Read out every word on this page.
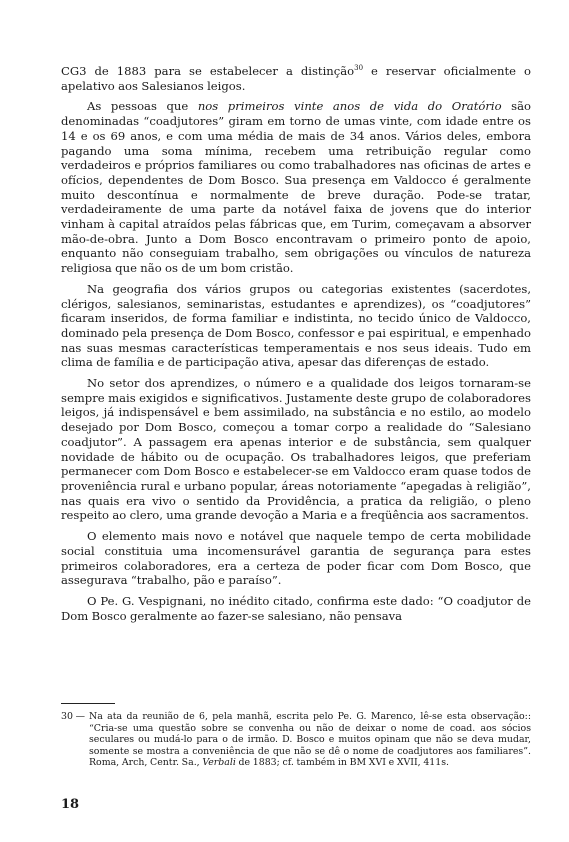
CG3 de 1883 para se estabelecer a distinção$^{30}$ e reservar oficialmente o apelativo aos Salesianos leigos.

As pessoas que nos primeiros vinte anos de vida do Oratório são denominadas “coadjutores” giram em torno de umas vinte, com idade entre os 14 e os 69 anos, e com uma média de mais de 34 anos. Vários deles, embora pagando uma soma mínima, recebem uma retribuição regular como verdadeiros e próprios familiares ou como trabalhadores nas oficinas de artes e ofícios, dependentes de Dom Bosco. Sua presença em Valdocco é geralmente muito descontínua e normalmente de breve duração. Pode-se tratar, verdadeiramente de uma parte da notável faixa de jovens que do interior vinham à capital atraídos pelas fábricas que, em Turim, começavam a absorver mão-de-obra. Junto a Dom Bosco encontravam o primeiro ponto de apoio, enquanto não conseguiam trabalho, sem obrigações ou vínculos de natureza religiosa que não os de um bom cristão.

Na geografia dos vários grupos ou categorias existentes (sacerdotes, clérigos, salesianos, seminaristas, estudantes e aprendizes), os “coadjutores” ficaram inseridos, de forma familiar e indistinta, no tecido único de Valdocco, dominado pela presença de Dom Bosco, confessor e pai espiritual, e empenhado nas suas mesmas características temperamentais e nos seus ideais. Tudo em clima de família e de participação ativa, apesar das diferenças de estado.

No setor dos aprendizes, o número e a qualidade dos leigos tornaram-se sempre mais exigidos e significativos. Justamente deste grupo de colaboradores leigos, já indispensável e bem assimilado, na substância e no estilo, ao modelo desejado por Dom Bosco, começou a tomar corpo a realidade do “Salesiano coadjutor”. A passagem era apenas interior e de substância, sem qualquer novidade de hábito ou de ocupação. Os trabalhadores leigos, que preferiam permanecer com Dom Bosco e estabelecer-se em Valdocco eram quase todos de proveniência rural e urbano popular, áreas notoriamente “apegadas à religião”, nas quais era vivo o sentido da Providência, a pratica da religião, o pleno respeito ao clero, uma grande devoção a Maria e a freqüência aos sacramentos.

O elemento mais novo e notável que naquele tempo de certa mobilidade social constituia uma incomensurável garantia de segurança para estes primeiros colaboradores, era a certeza de poder ficar com Dom Bosco, que assegurava “trabalho, pão e paraíso”.

O Pe. G. Vespignani, no inédito citado, confirma este dado: “O coadjutor de Dom Bosco geralmente ao fazer-se salesiano, não pensava

30 — Na ata da reunião de 6, pela manhã, escrita pelo Pe. G. Marenco, lê-se esta observação:: “Cria-se uma questão sobre se convenha ou não de deixar o nome de coad. aos sócios seculares ou mudá-lo para o de irmão. D. Bosco e muitos opinam que não se deva mudar, somente se mostra a conveniência de que não se dê o nome de coadjutores aos familiares”. Roma, Arch, Centr. Sa., Verbali de 1883; cf. também in BM XVI e XVII, 411s.
18
